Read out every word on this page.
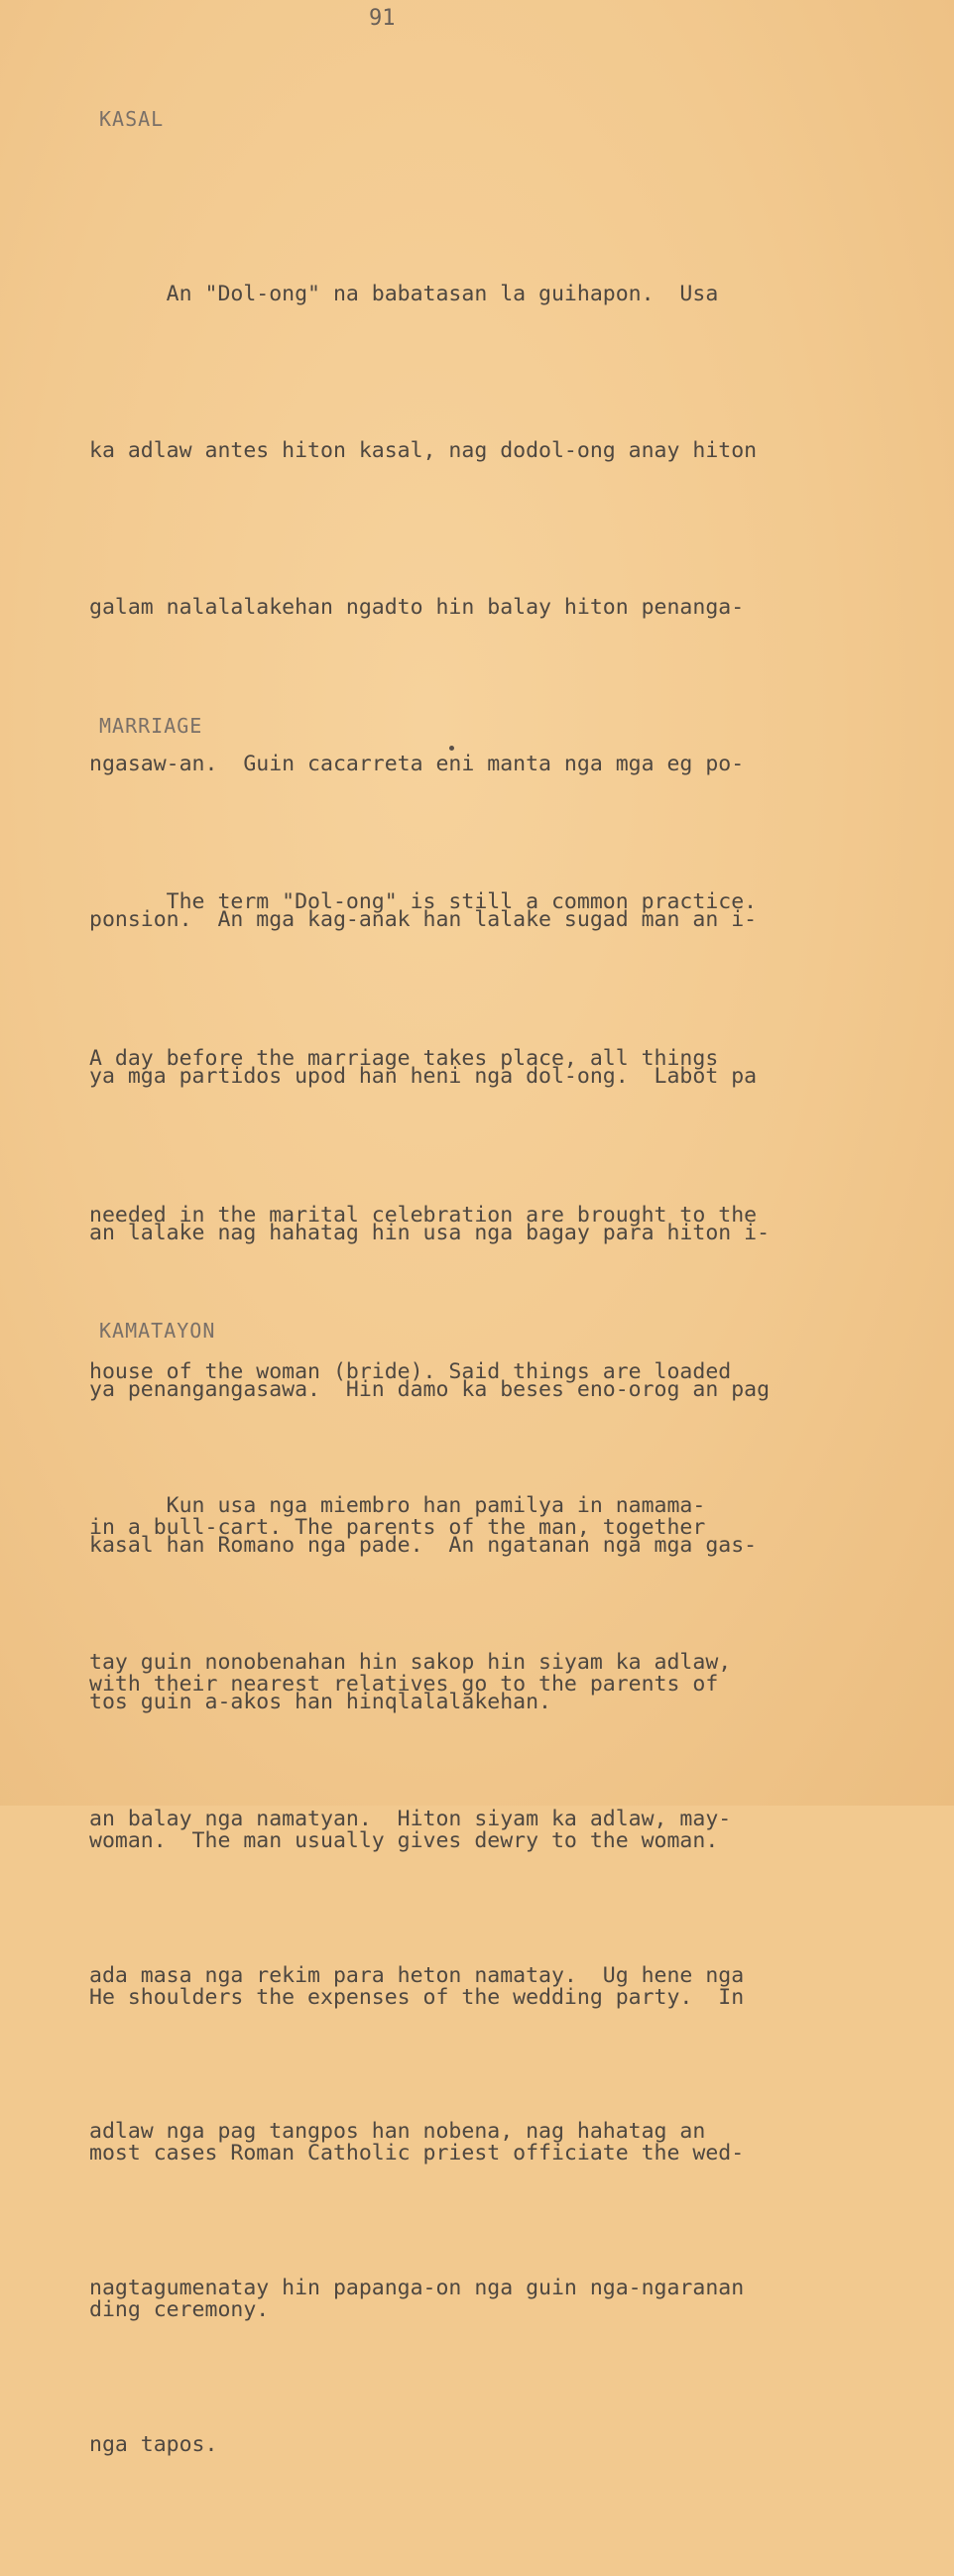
91
KASAL

An "Dol-ong" na babatasan la guihapon.  Usa

ka adlaw antes hiton kasal, nag dodol-ong anay hiton

galam nalalalakehan ngadto hin balay hiton penanga-

ngasaw-an.  Guin cacarreta eni manta nga mga eg po-

ponsion.  An mga kag-anak han lalake sugad man an i-

ya mga partidos upod han heni nga dol-ong.  Labot pa

an lalake nag hahatag hin usa nga bagay para hiton i-

ya penangangasawa.  Hin damo ka beses eno-orog an pag

kasal han Romano nga pade.  An ngatanan nga mga gas-

tos guin a-akos han hinqlalalakehan.

MARRIAGE

The term "Dol-ong" is still a common practice.

A day before the marriage takes place, all things

needed in the marital celebration are brought to the

house of the woman (bride). Said things are loaded

in a bull-cart. The parents of the man, together

with their nearest relatives go to the parents of

woman.  The man usually gives dewry to the woman.

He shoulders the expenses of the wedding party.  In

most cases Roman Catholic priest officiate the wed-

ding ceremony.

KAMATAYON

Kun usa nga miembro han pamilya in namama-

tay guin nonobenahan hin sakop hin siyam ka adlaw,

an balay nga namatyan.  Hiton siyam ka adlaw, may-

ada masa nga rekim para heton namatay.  Ug hene nga

adlaw nga pag tangpos han nobena, nag hahatag an

nagtagumenatay hin papanga-on nga guin nga-ngaranan

nga tapos.
